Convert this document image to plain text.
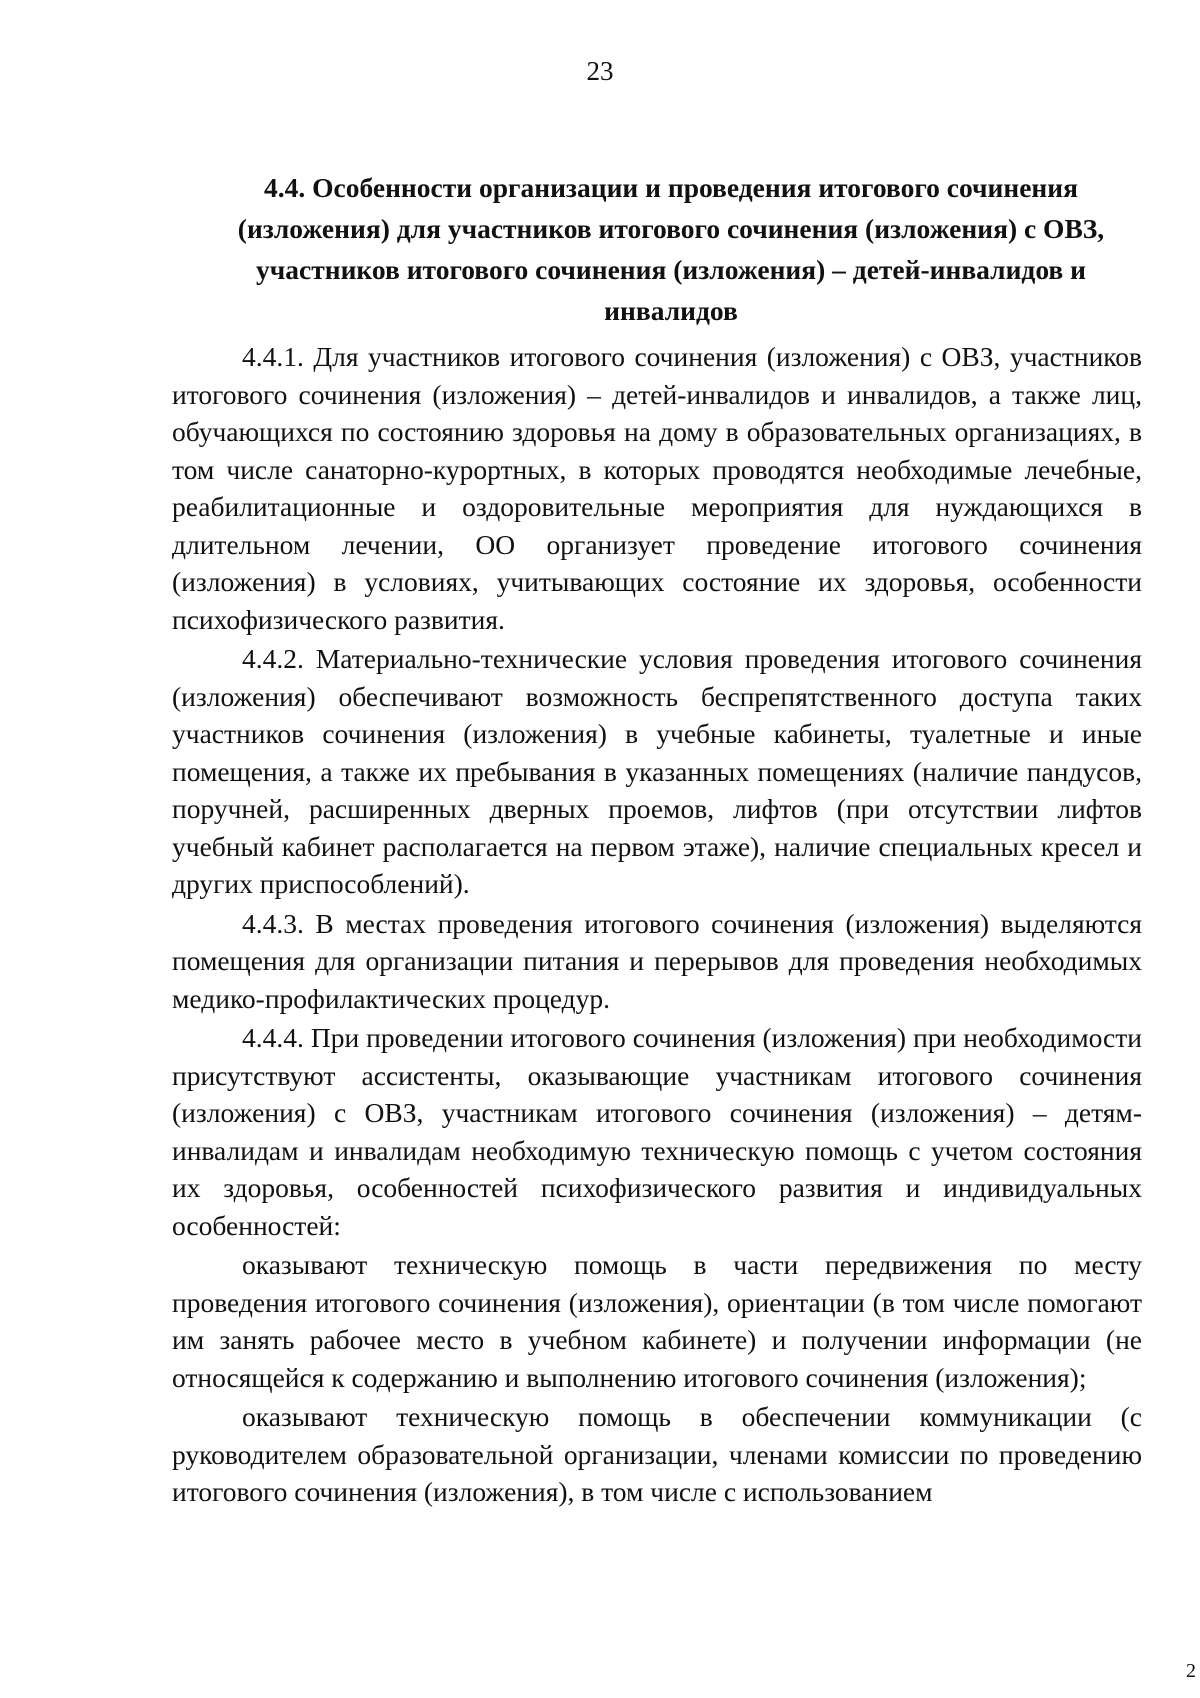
23
4.4. Особенности организации и проведения итогового сочинения (изложения) для участников итогового сочинения (изложения) с ОВЗ, участников итогового сочинения (изложения) – детей-инвалидов и инвалидов

4.4.1. Для участников итогового сочинения (изложения) с ОВЗ, участников итогового сочинения (изложения) – детей-инвалидов и инвалидов, а также лиц, обучающихся по состоянию здоровья на дому в образовательных организациях, в том числе санаторно-курортных, в которых проводятся необходимые лечебные, реабилитационные и оздоровительные мероприятия для нуждающихся в длительном лечении, ОО организует проведение итогового сочинения (изложения) в условиях, учитывающих состояние их здоровья, особенности психофизического развития.

4.4.2. Материально-технические условия проведения итогового сочинения (изложения) обеспечивают возможность беспрепятственного доступа таких участников сочинения (изложения) в учебные кабинеты, туалетные и иные помещения, а также их пребывания в указанных помещениях (наличие пандусов, поручней, расширенных дверных проемов, лифтов (при отсутствии лифтов учебный кабинет располагается на первом этаже), наличие специальных кресел и других приспособлений).

4.4.3. В местах проведения итогового сочинения (изложения) выделяются помещения для организации питания и перерывов для проведения необходимых медико-профилактических процедур.

4.4.4. При проведении итогового сочинения (изложения) при необходимости присутствуют ассистенты, оказывающие участникам итогового сочинения (изложения) с ОВЗ, участникам итогового сочинения (изложения) – детям-инвалидам и инвалидам необходимую техническую помощь с учетом состояния их здоровья, особенностей психофизического развития и индивидуальных особенностей:

оказывают техническую помощь в части передвижения по месту проведения итогового сочинения (изложения), ориентации (в том числе помогают им занять рабочее место в учебном кабинете) и получении информации (не относящейся к содержанию и выполнению итогового сочинения (изложения);

оказывают техническую помощь в обеспечении коммуникации (с руководителем образовательной организации, членами комиссии по проведению итогового сочинения (изложения), в том числе с использованием

2
